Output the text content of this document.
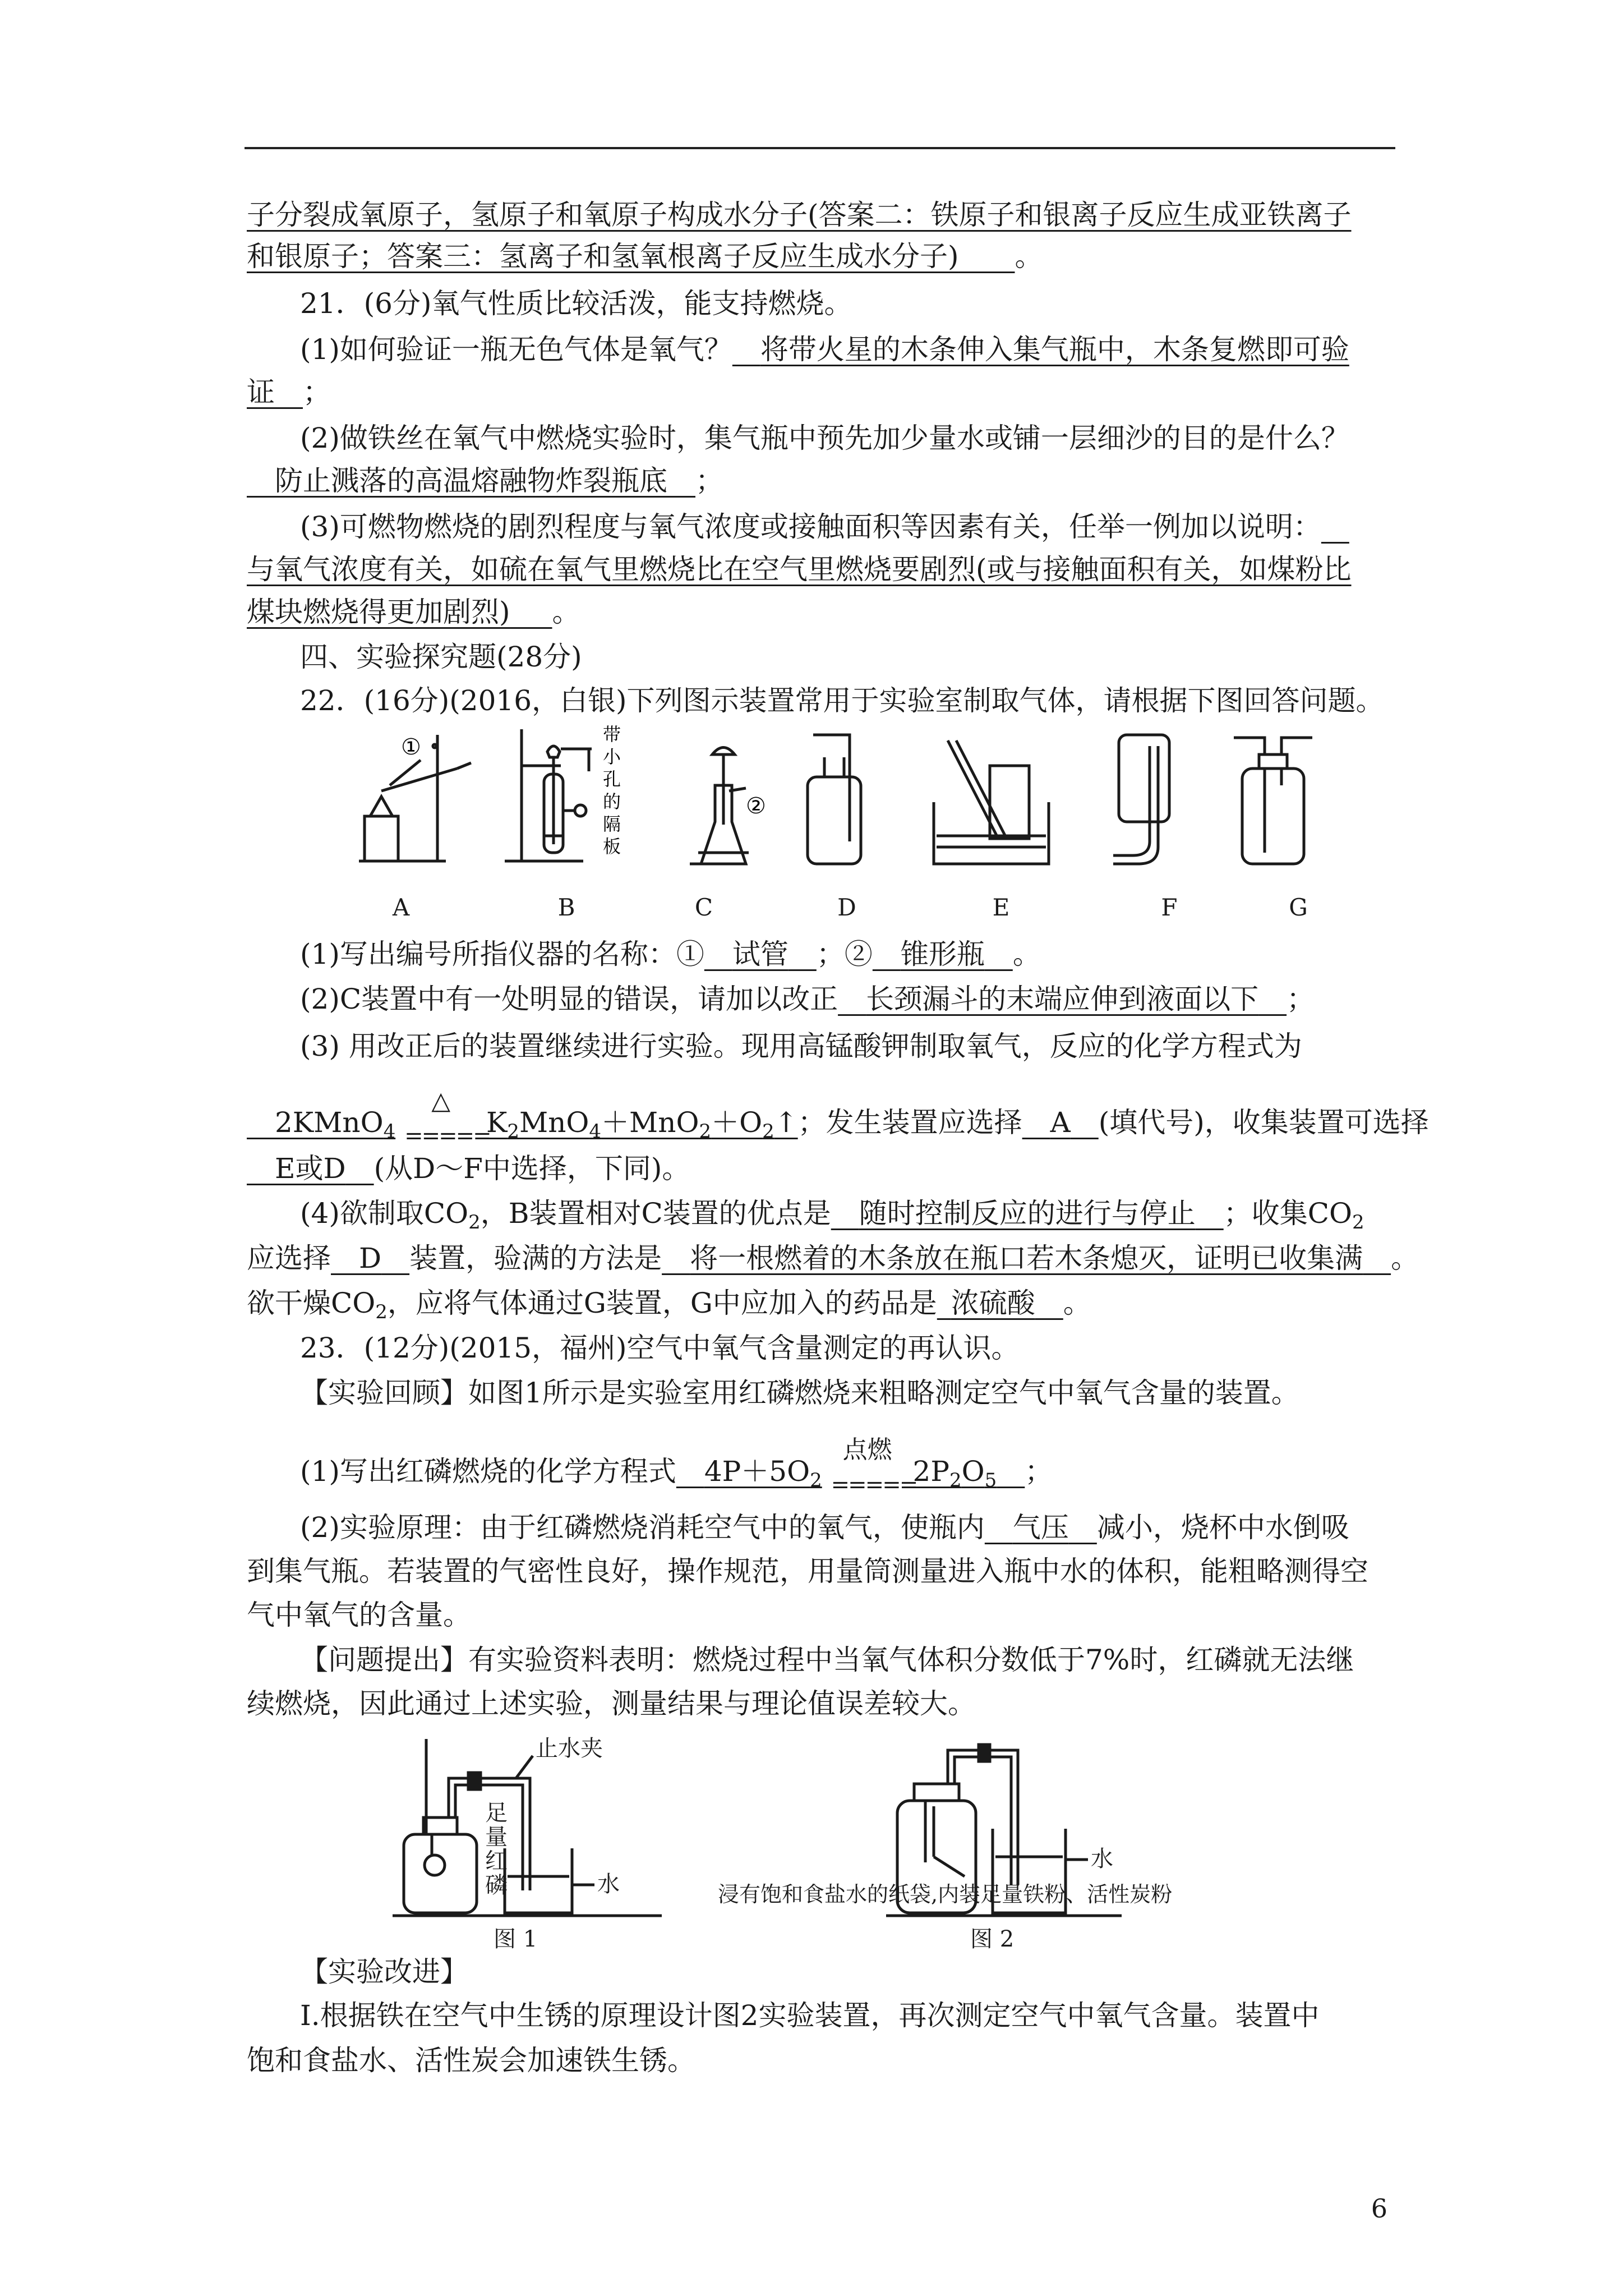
子分裂成氧原子，氢原子和氧原子构成水分子(答案二：铁原子和银离子反应生成亚铁离子
和银原子；答案三：氢离子和氢氧根离子反应生成水分子)   。
21．(6分)氧气性质比较活泼，能支持燃烧。
(1)如何验证一瓶无色气体是氧气？   将带火星的木条伸入集气瓶中，木条复燃即可验
证   ；
(2)做铁丝在氧气中燃烧实验时，集气瓶中预先加少量水或铺一层细沙的目的是什么？
 防止溅落的高温熔融物炸裂瓶底  ；
(3)可燃物燃烧的剧烈程度与氧气浓度或接触面积等因素有关，任举一例加以说明： 
与氧气浓度有关，如硫在氧气里燃烧比在空气里燃烧要剧烈(或与接触面积有关，如煤粉比
煤块燃烧得更加剧烈)   。
四、实验探究题(28分)
22．(16分)(2016，白银)下列图示装置常用于实验室制取气体，请根据下图回答问题。
①
②
带
小
孔
的
隔
板
A	B	C	D	E	F	G
(1)写出编号所指仪器的名称：①  试管  ；②  锥形瓶  。
(2)C装置中有一处明显的错误，请加以改正  长颈漏斗的末端应伸到液面以下  ；
(3) 用改正后的装置继续进行实验。现用高锰酸钾制取氧气，反应的化学方程式为
 2KMnO$_4$
△
=====
$K_2MnO_4+MnO_2+O_2↑$；发生装置应选择  A  (填代号)，收集装置可选择
 E或D  (从D～F中选择，下同)。
(4)欲制取$CO_2$，B装置相对C装置的优点是  随时控制反应的进行与停止  ；收集$CO_2$
应选择  D  装置，验满的方法是  将一根燃着的木条放在瓶口若木条熄灭，证明已收集满  。
欲干燥$CO_2$，应将气体通过G装置，G中应加入的药品是  浓硫酸  。
23．(12分)(2015，福州)空气中氧气含量测定的再认识。
【实验回顾】如图1所示是实验室用红磷燃烧来粗略测定空气中氧气含量的装置。
(1)写出红磷燃烧的化学方程式  $4P+5O_2$
点燃
=====
$2P_2O_5$  ；
(2)实验原理：由于红磷燃烧消耗空气中的氧气，使瓶内  气压  减小，烧杯中水倒吸
到集气瓶。若装置的气密性良好，操作规范，用量筒测量进入瓶中水的体积，能粗略测得空
气中氧气的含量。
【问题提出】有实验资料表明：燃烧过程中当氧气体积分数低于7%时，红磷就无法继
续燃烧，因此通过上述实验，测量结果与理论值误差较大。
止水夹
足
量
红
磷	水
水
浸有饱和食盐水的纸袋,内装足量铁粉、活性炭粉
图 1	图 2
【实验改进】
Ⅰ.根据铁在空气中生锈的原理设计图2实验装置，再次测定空气中氧气含量。装置中
饱和食盐水、活性炭会加速铁生锈。
6
